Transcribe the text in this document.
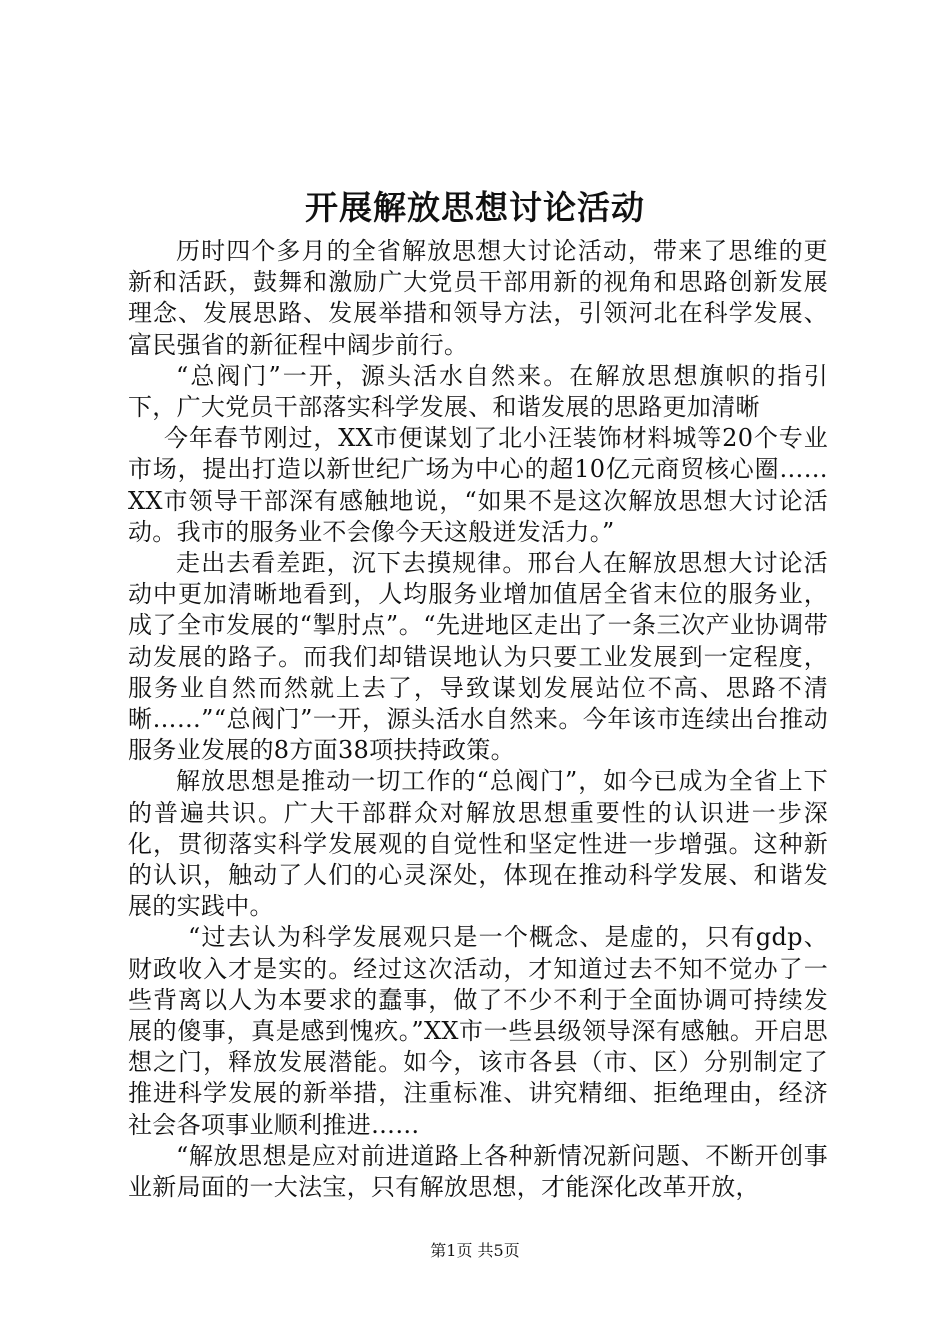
开展解放思想讨论活动

历时四个多月的全省解放思想大讨论活动，带来了思维的更新和活跃，鼓舞和激励广大党员干部用新的视角和思路创新发展理念、发展思路、发展举措和领导方法，引领河北在科学发展、富民强省的新征程中阔步前行。

“总阀门”一开，源头活水自然来。在解放思想旗帜的指引下，广大党员干部落实科学发展、和谐发展的思路更加清晰

今年春节刚过，XX市便谋划了北小汪装饰材料城等20个专业市场，提出打造以新世纪广场为中心的超10亿元商贸核心圈……XX市领导干部深有感触地说，“如果不是这次解放思想大讨论活动。我市的服务业不会像今天这般迸发活力。”

走出去看差距，沉下去摸规律。邢台人在解放思想大讨论活动中更加清晰地看到，人均服务业增加值居全省末位的服务业，成了全市发展的“掣肘点”。“先进地区走出了一条三次产业协调带动发展的路子。而我们却错误地认为只要工业发展到一定程度，服务业自然而然就上去了，导致谋划发展站位不高、思路不清晰……”“总阀门”一开，源头活水自然来。今年该市连续出台推动服务业发展的8方面38项扶持政策。

解放思想是推动一切工作的“总阀门”，如今已成为全省上下的普遍共识。广大干部群众对解放思想重要性的认识进一步深化，贯彻落实科学发展观的自觉性和坚定性进一步增强。这种新的认识，触动了人们的心灵深处，体现在推动科学发展、和谐发展的实践中。

“过去认为科学发展观只是一个概念、是虚的，只有gdp、财政收入才是实的。经过这次活动，才知道过去不知不觉办了一些背离以人为本要求的蠢事，做了不少不利于全面协调可持续发展的傻事，真是感到愧疚。”XX市一些县级领导深有感触。开启思想之门，释放发展潜能。如今，该市各县（市、区）分别制定了推进科学发展的新举措，注重标准、讲究精细、拒绝理由，经济社会各项事业顺利推进……

“解放思想是应对前进道路上各种新情况新问题、不断开创事业新局面的一大法宝，只有解放思想，才能深化改革开放，

第1页 共5页
